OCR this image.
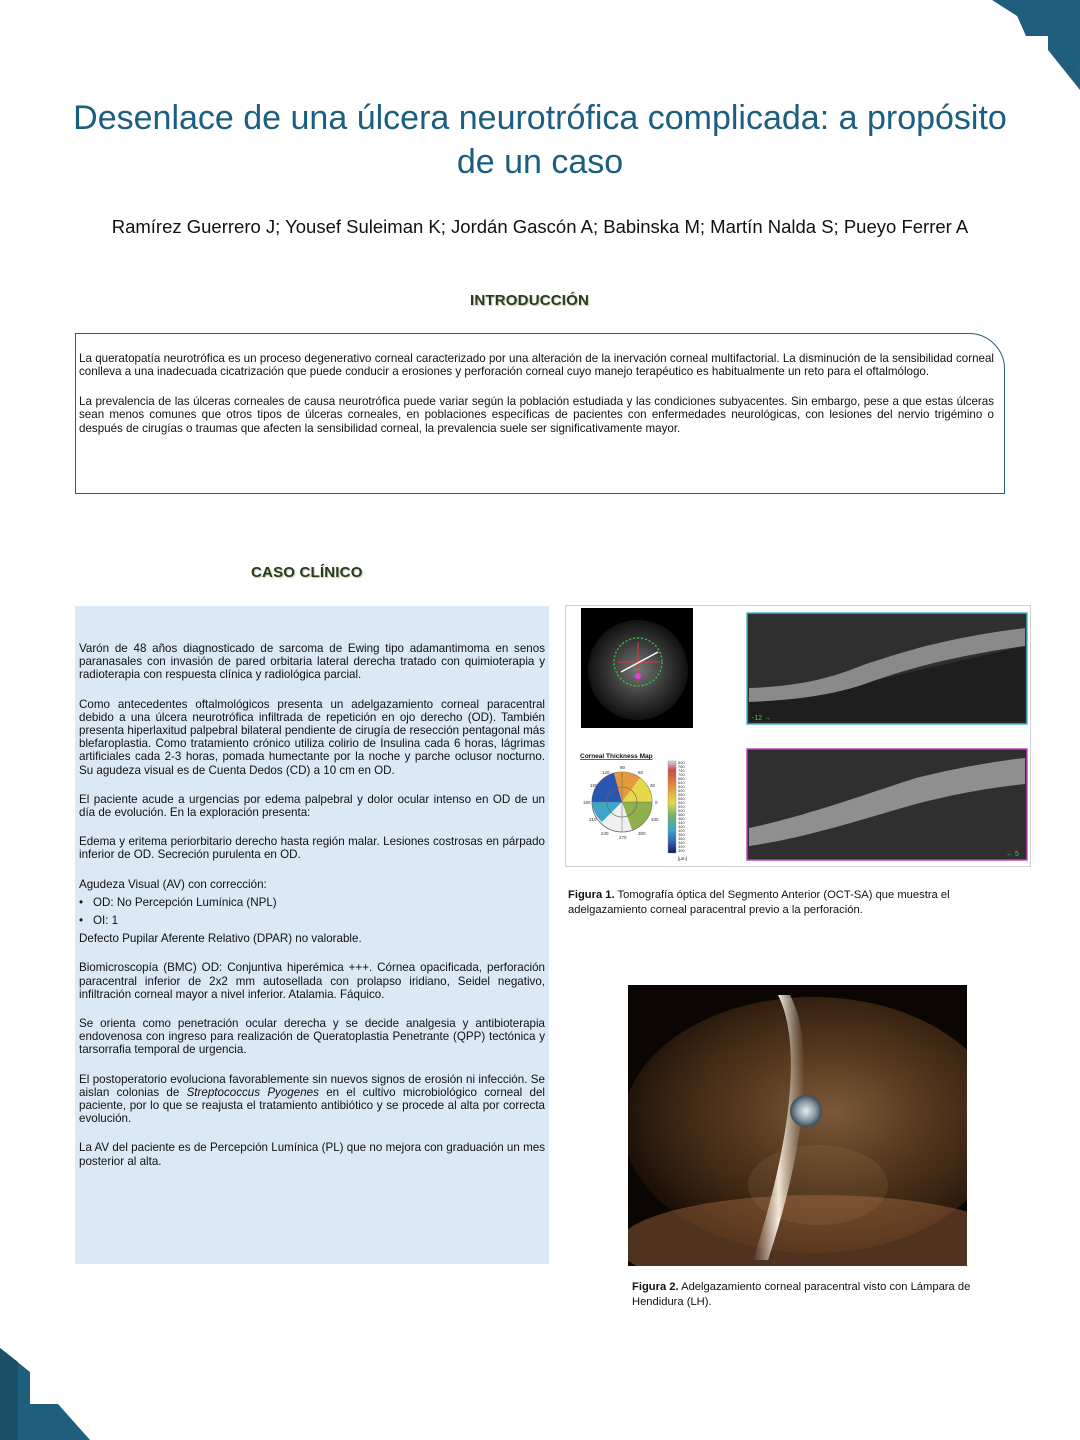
Desenlace de una úlcera neurotrófica complicada: a propósito de un caso
Ramírez Guerrero J; Yousef Suleiman K; Jordán Gascón A; Babinska M; Martín Nalda S; Pueyo Ferrer A
INTRODUCCIÓN

La queratopatía neurotrófica es un proceso degenerativo corneal caracterizado por una alteración de la inervación corneal multifactorial. La disminución de la sensibilidad corneal conlleva a una inadecuada cicatrización que puede conducir a erosiones y perforación corneal cuyo manejo terapéutico es habitualmente un reto para el oftalmólogo.

La prevalencia de las úlceras corneales de causa neurotrófica puede variar según la población estudiada y las condiciones subyacentes. Sin embargo, pese a que estas úlceras sean menos comunes que otros tipos de úlceras corneales, en poblaciones específicas de pacientes con enfermedades neurológicas, con lesiones del nervio trigémino o después de cirugías o traumas que afecten la sensibilidad corneal, la prevalencia suele ser significativamente mayor.

CASO CLÍNICO

Varón de 48 años diagnosticado de sarcoma de Ewing tipo adamantimoma en senos paranasales con invasión de pared orbitaria lateral derecha tratado con quimioterapia y radioterapia con respuesta clínica y radiológica parcial.

Como antecedentes oftalmológicos presenta un adelgazamiento corneal paracentral debido a una úlcera neurotrófica infiltrada de repetición en ojo derecho (OD). También presenta hiperlaxitud palpebral bilateral pendiente de cirugía de resección pentagonal más blefaroplastia. Como tratamiento crónico utiliza colirio de Insulina cada 6 horas, lágrimas artificiales cada 2-3 horas, pomada humectante por la noche y parche oclusor nocturno. Su agudeza visual es de Cuenta Dedos (CD) a 10 cm en OD.

El paciente acude a urgencias por edema palpebral y dolor ocular intenso en OD de un día de evolución. En la exploración presenta:

Edema y eritema periorbitario derecho hasta región malar. Lesiones costrosas en párpado inferior de OD. Secreción purulenta en OD.

Agudeza Visual (AV) con corrección:

• OD: No Percepción Lumínica (NPL)
• OI: 1

Defecto Pupilar Aferente Relativo (DPAR) no valorable.

Biomicroscopía (BMC) OD: Conjuntiva hiperémica +++. Córnea opacificada, perforación paracentral inferior de 2x2 mm autosellada con prolapso iridiano, Seidel negativo, infiltración corneal mayor a nivel inferior. Atalamia. Fáquico.

Se orienta como penetración ocular derecha y se decide analgesia y antibioterapia endovenosa con ingreso para realización de Queratoplastia Penetrante (QPP) tectónica y tarsorrafia temporal de urgencia.

El postoperatorio evoluciona favorablemente sin nuevos signos de erosión ni infección. Se aislan colonias de Streptococcus Pyogenes en el cultivo microbiológico corneal del paciente, por lo que se reajusta el tratamiento antibiótico y se procede al alta por correcta evolución.

La AV del paciente es de Percepción Lumínica (PL) que no mejora con graduación un mes posterior al alta.

-12 →
← 5
Corneal Thickness Map
90
120	60
150	30
180	0
210	330
240	300
270
800
780
740
700
680
640
620
600
580
560
540
520
500
480
460
440
420
400
380
360
340
320
300
[µm]
Figura 1. Tomografía óptica del Segmento Anterior (OCT-SA) que muestra el adelgazamiento corneal paracentral previo a la perforación.
Figura 2. Adelgazamiento corneal paracentral visto con Lámpara de Hendidura (LH).
